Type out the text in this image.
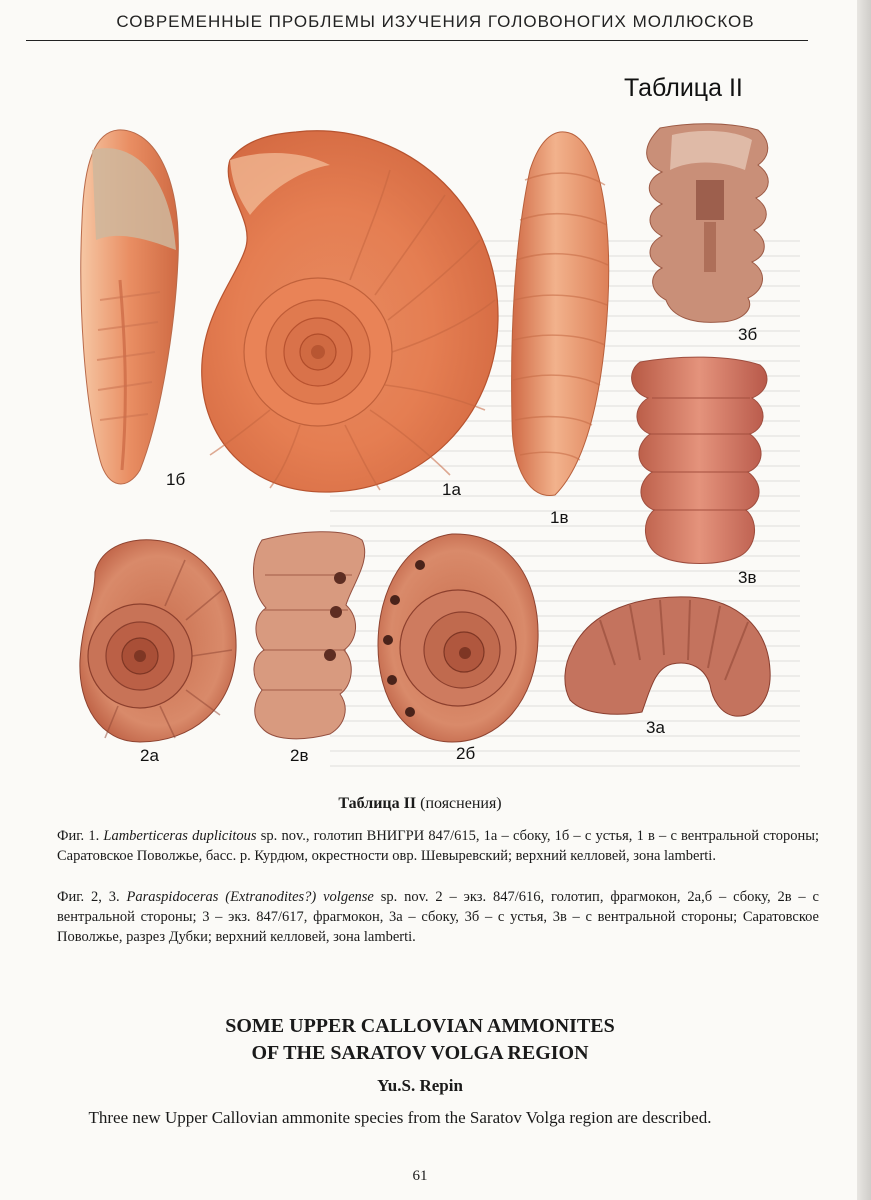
СОВРЕМЕННЫЕ ПРОБЛЕМЫ ИЗУЧЕНИЯ ГОЛОВОНОГИХ МОЛЛЮСКОВ
Таблица II
1б
1а
1в
3б
3в
3а
2а	2в	2б
Таблица II (пояснения)
Фиг. 1. Lamberticeras duplicitous sp. nov., голотип ВНИГРИ 847/615, 1а – сбоку, 1б – с устья, 1 в – с вентральной стороны; Саратовское Поволжье, басс. р. Курдюм, окрестности овр. Шевыревский; верхний келловей, зона lamberti.
Фиг. 2, 3. Paraspidoceras (Extranodites?) volgense sp. nov. 2 – экз. 847/616, голотип, фрагмокон, 2а,б – сбоку, 2в – с вентральной стороны; 3 – экз. 847/617, фрагмокон, 3а – сбоку, 3б – с устья, 3в – с вентральной стороны; Саратовское Поволжье, разрез Дубки; верхний келловей, зона lamberti.
SOME UPPER CALLOVIAN AMMONITES
OF THE SARATOV VOLGA REGION
Yu.S. Repin
Three new Upper Callovian ammonite species from the Saratov Volga region are described.
61
